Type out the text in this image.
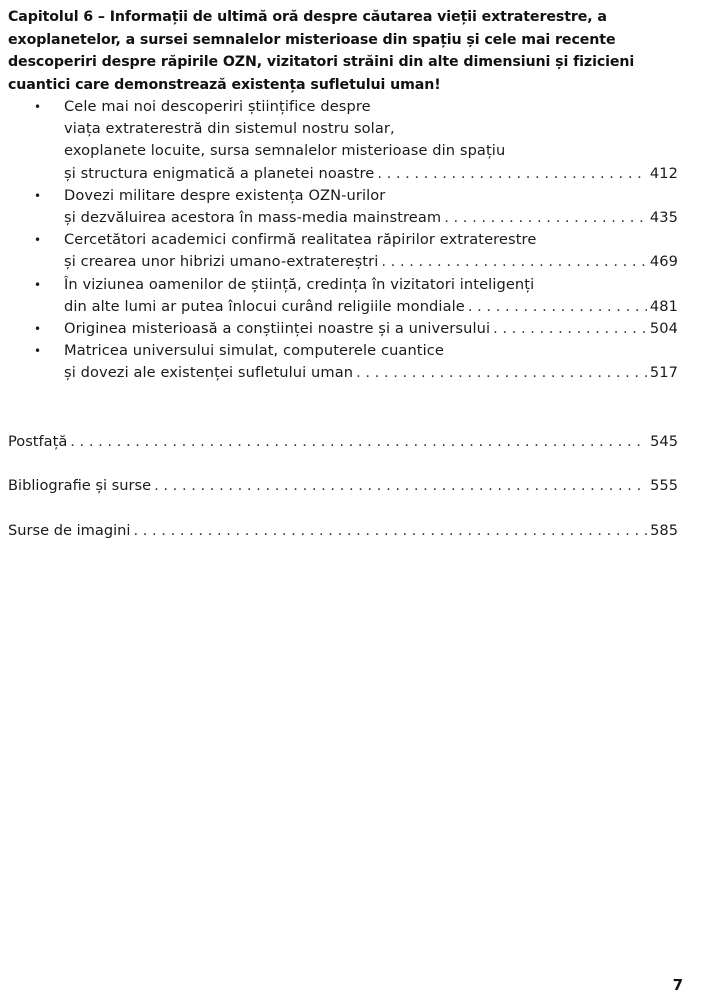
Capitolul 6 – Informații de ultimă oră despre căutarea vieții extraterestre, a exoplanetelor, a sursei semnalelor misterioase din spațiu și cele mai recente descoperiri despre răpirile OZN, vizitatori străini din alte dimensiuni și fizicieni cuantici care demonstrează existența sufletului uman!
• Cele mai noi descoperiri științifice despre
viața extraterestră din sistemul nostru solar,
exoplanete locuite, sursa semnalelor misterioase din spațiu
și structura enigmatică a planetei noastre . . .	412
• Dovezi militare despre existența OZN-urilor
și dezvăluirea acestora în mass-media mainstream . . .	435
• Cercetători academici confirmă realitatea răpirilor extraterestre
și crearea unor hibrizi umano-extratereștri . . .	469
• În viziunea oamenilor de știință, credința în vizitatori inteligenți
din alte lumi ar putea înlocui curând religiile mondiale . . .	481
• Originea misterioasă a conștiinței noastre și a universului . . .	504
• Matricea universului simulat, computerele cuantice
și dovezi ale existenței sufletului uman . . .	517
Postfață . . .	545
Bibliografie și surse . . .	555
Surse de imagini . . .	585
7
